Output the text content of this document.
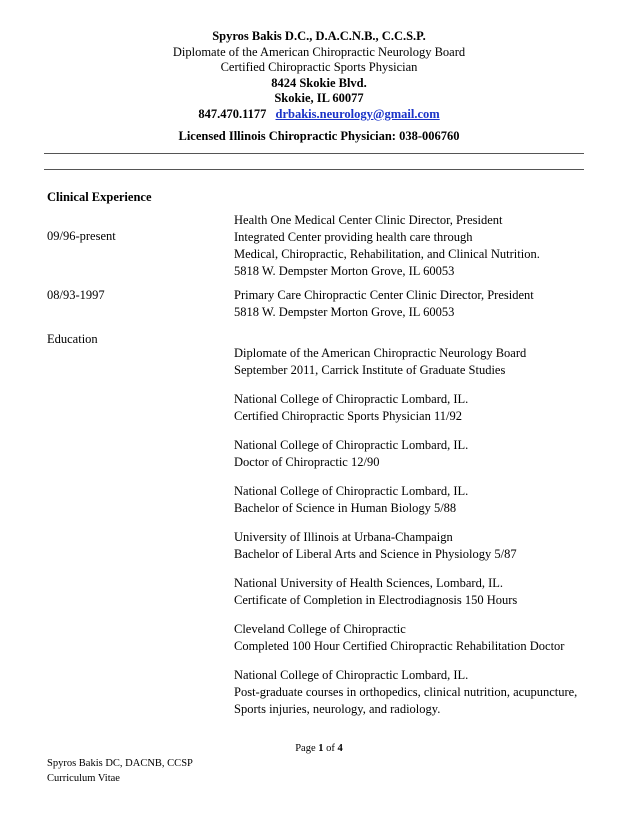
Spyros Bakis D.C., D.A.C.N.B., C.C.S.P.
Diplomate of the American Chiropractic Neurology Board
Certified Chiropractic Sports Physician
8424 Skokie Blvd.
Skokie, IL 60077
847.470.1177 drbakis.neurology@gmail.com
Licensed Illinois Chiropractic Physician: 038-006760
Clinical Experience
09/96-present
Health One Medical Center Clinic Director, President
Integrated Center providing health care through
Medical, Chiropractic, Rehabilitation, and Clinical Nutrition.
5818 W. Dempster Morton Grove, IL 60053
08/93-1997	Primary Care Chiropractic Center Clinic Director, President
5818 W. Dempster Morton Grove, IL 60053
Education
Diplomate of the American Chiropractic Neurology Board
September 2011, Carrick Institute of Graduate Studies
National College of Chiropractic Lombard, IL.
Certified Chiropractic Sports Physician 11/92
National College of Chiropractic Lombard, IL.
Doctor of Chiropractic 12/90
National College of Chiropractic Lombard, IL.
Bachelor of Science in Human Biology 5/88
University of Illinois at Urbana-Champaign
Bachelor of Liberal Arts and Science in Physiology 5/87
National University of Health Sciences, Lombard, IL.
Certificate of Completion in Electrodiagnosis 150 Hours
Cleveland College of Chiropractic
Completed 100 Hour Certified Chiropractic Rehabilitation Doctor
National College of Chiropractic Lombard, IL.
Post-graduate courses in orthopedics, clinical nutrition, acupuncture,
Sports injuries, neurology, and radiology.
Page 1 of 4
Spyros Bakis DC, DACNB, CCSP
Curriculum Vitae
